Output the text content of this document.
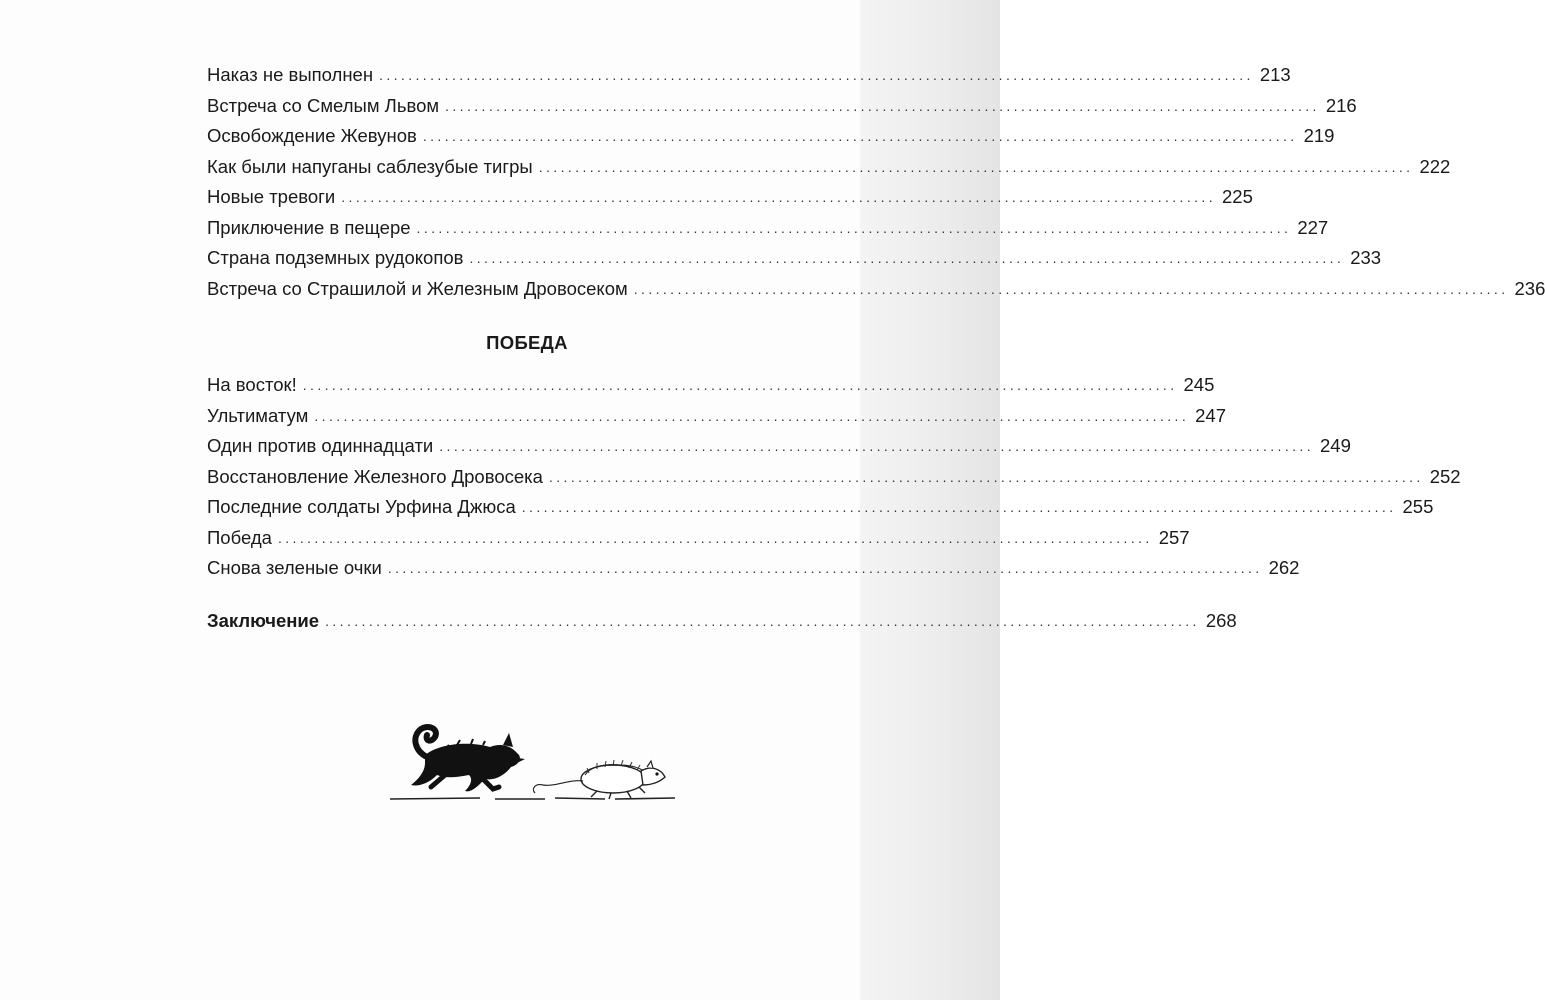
Наказ не выполнен ........................................................................................................................ 213
Встреча со Смелым Львом ........................................................................................................................ 216
Освобождение Жевунов ........................................................................................................................ 219
Как были напуганы саблезубые тигры ........................................................................................................................ 222
Новые тревоги ........................................................................................................................ 225
Приключение в пещере ........................................................................................................................ 227
Страна подземных рудокопов ........................................................................................................................ 233
Встреча со Страшилой и Железным Дровосеком ........................................................................................................................ 236
ПОБЕДА
На восток! ........................................................................................................................ 245
Ультиматум ........................................................................................................................ 247
Один против одиннадцати ........................................................................................................................ 249
Восстановление Железного Дровосека ........................................................................................................................ 252
Последние солдаты Урфина Джюса ........................................................................................................................ 255
Победа ........................................................................................................................ 257
Снова зеленые очки ........................................................................................................................ 262
Заключение ........................................................................................................................ 268
